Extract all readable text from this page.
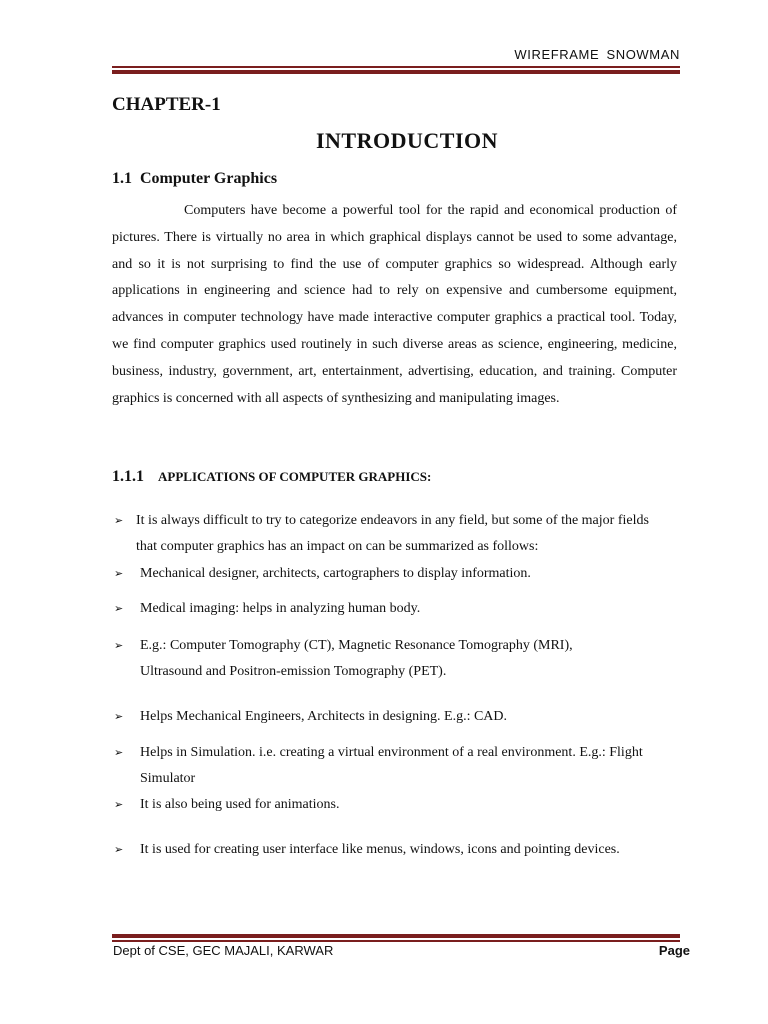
WIREFRAME SNOWMAN
CHAPTER-1
INTRODUCTION
1.1 Computer Graphics

Computers have become a powerful tool for the rapid and economical production of pictures. There is virtually no area in which graphical displays cannot be used to some advantage, and so it is not surprising to find the use of computer graphics so widespread. Although early applications in engineering and science had to rely on expensive and cumbersome equipment, advances in computer technology have made interactive computer graphics a practical tool. Today, we find computer graphics used routinely in such diverse areas as science, engineering, medicine, business, industry, government, art, entertainment, advertising, education, and training. Computer graphics is concerned with all aspects of synthesizing and manipulating images.

1.1.1 APPLICATIONS OF COMPUTER GRAPHICS:
➢ It is always difficult to try to categorize endeavors in any field, but some of the major fields that computer graphics has an impact on can be summarized as follows:
➢	Mechanical designer, architects, cartographers to display information.
➢	Medical imaging: helps in analyzing human body.
➢	E.g.: Computer Tomography (CT), Magnetic Resonance Tomography (MRI), Ultrasound and Positron-emission Tomography (PET).
➢	Helps Mechanical Engineers, Architects in designing. E.g.: CAD.
➢	Helps in Simulation. i.e. creating a virtual environment of a real environment. E.g.: Flight Simulator
➢	It is also being used for animations.
➢	It is used for creating user interface like menus, windows, icons and pointing devices.
Dept of CSE, GEC MAJALI, KARWAR	Page
